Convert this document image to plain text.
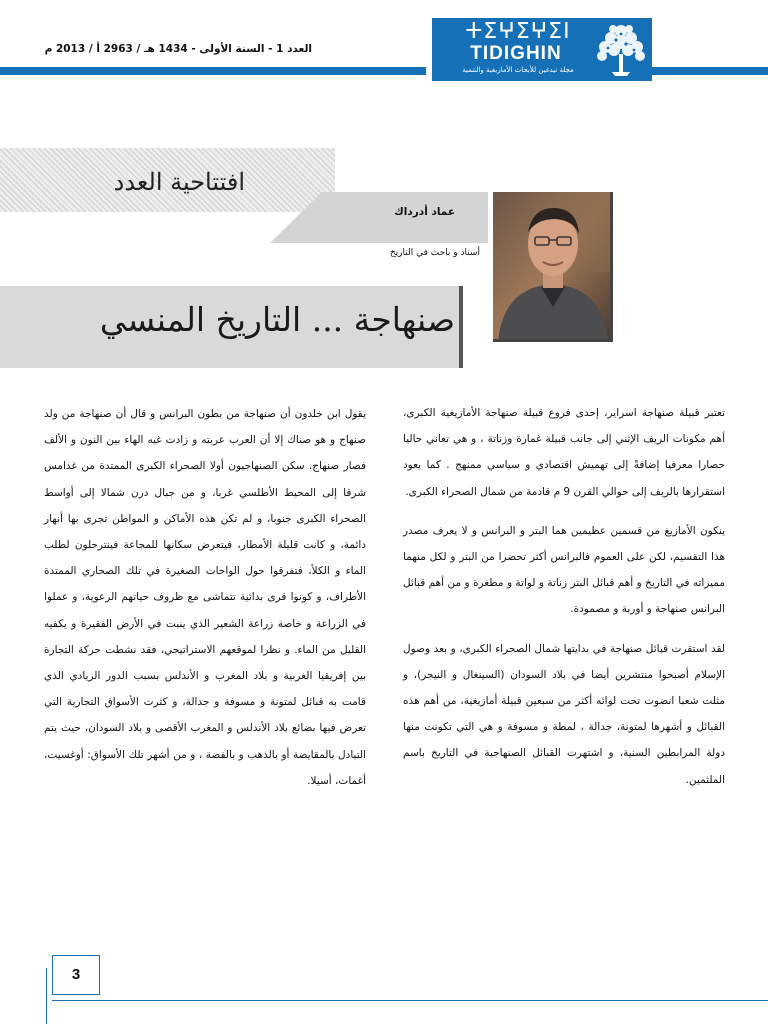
ⵜⵉⵖⵉⵖⵉⵏ
TIDIGHIN
مجلة تيدغين للأبحاث الأمازيغية والتنمية
العدد 1 - السنة الأولى - 1434 هـ / 2963 أ / 2013 م
افتتاحية العدد
عماد أدرداك
أستاذ و باحث في التاريخ
صنهاجة ... التاريخ المنسي

تعتبر قبيلة صنهاجة اسراير، إحدى فروع قبيلة صنهاجة الأمازيغية الكبرى، أهم مكونات الريف الإثني إلى جانب قبيلة غمارة وزناتة ، و هي تعاني حاليا حصارا معرفيا إضافةً إلى تهميش اقتصادي و سياسي ممنهج . كما يعود استقرارها بالريف إلى حوالي القرن 9 م قادمة من شمال الصحراء الكبرى.

ينكون الأمازيغ من قسمين عظيمين هما البتر و البرانس و لا يعرف مصدر هذا التقسيم، لكن على العموم فالبرانس أكثر تحضرا من البتر و لكل منهما مميزاته في التاريخ و أهم قبائل البتر زناتة و لواتة و مطغرة و من أهم قبائل البرانس صنهاجة و أوربة و مصمودة.

لقد استقرت قبائل صنهاجة في بدايتها شمال الصحراء الكبرى، و بعد وصول الإسلام أصبحوا منتشرين أيضا في بلاد السودان (السينغال و النيجر)، و مثلت شعبا انضوت تحت لوائه أكثر من سبعين قبيلة أمازيغية، من أهم هذه القبائل و أشهرها لمتونة، جدالة ، لمطة و مسوفة و هي التي تكونت منها دولة المرابطين السنية، و اشتهرت القبائل الصنهاجية في التاريخ باسم الملثمين.

يقول ابن خلدون أن صنهاجة من بطون البرانس و قال أن صنهاجة من ولد صنهاج و هو صناك إلا أن العرب عربته و زادت غيه الهاء بين النون و الألف فصار صنهاج. سكن الصنهاجيون أولا الصحراء الكبرى الممتدة من غدامس شرقا إلى المحيط الأطلسي غربا، و من جبال درن شمالا إلى أواسط الصحراء الكبرى جنوبا، و لم تكن هذه الأماكن و المواطن تجرى بها أنهار دائمة، و كانت قليلة الأمطار، فيتعرض سكانها للمجاعة فينترحلون لطلب الماء و الكلأ، فتفرقوا حول الواحات الصغيرة في تلك الصحاري الممتدة الأطراف، و كونوا قرى بدائية تتماشى مع ظروف حياتهم الرعوية، و عملوا في الزراعة و خاصة زراعة الشعير الذي ينبت في الأرض الفقيرة و يكفيه القليل من الماء. و نظرا لموقعهم الاستراتيجي، فقد نشطت حركة التجارة بين إفريقيا الغربية و بلاد المغرب و الأندلس بسبب الدور الريادي الذي قامت به قبائل لمتونة و مسوفة و جدالة، و كثرت الأسواق التجارية التي تعرض فيها بضائع بلاد الأندلس و المغرب الأقصى و بلاد السودان، حيث يتم التبادل بالمقايضة أو بالذهب و بالفضة ، و من أشهر تلك الأسواق: أوغسيت، أغمات، أسيلا.

3
